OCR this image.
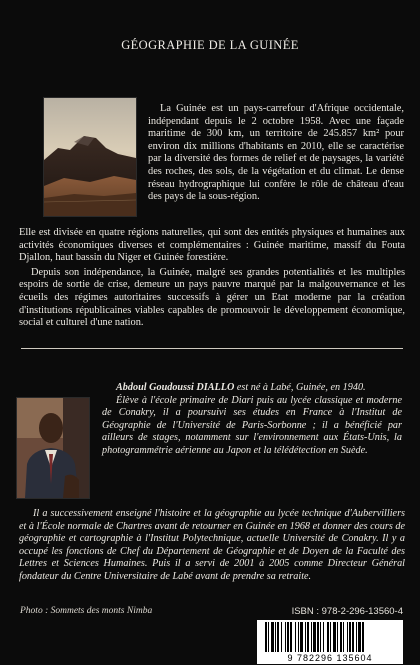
GÉOGRAPHIE DE LA GUINÉE

La Guinée est un pays-carrefour d'Afrique occidentale, indépendant depuis le 2 octobre 1958. Avec une façade maritime de 300 km, un territoire de 245.857 km² pour environ dix millions d'habitants en 2010, elle se caractérise par la diversité des formes de relief et de paysages, la variété des roches, des sols, de la végétation et du climat. Le dense réseau hydrographique lui confère le rôle de château d'eau des pays de la sous-région.

Elle est divisée en quatre régions naturelles, qui sont des entités physiques et humaines aux activités économiques diverses et complémentaires : Guinée maritime, massif du Fouta Djallon, haut bassin du Niger et Guinée forestière.

Depuis son indépendance, la Guinée, malgré ses grandes potentialités et les multiples espoirs de sortie de crise, demeure un pays pauvre marqué par la malgouvernance et les écueils des régimes autoritaires successifs à gérer un Etat moderne par la création d'institutions républicaines viables capables de promouvoir le développement économique, social et culturel d'une nation.

Abdoul Goudoussi DIALLO est né à Labé, Guinée, en 1940.

Élève à l'école primaire de Diari puis au lycée classique et moderne de Conakry, il a poursuivi ses études en France à l'Institut de Géographie de l'Université de Paris-Sorbonne ; il a bénéficié par ailleurs de stages, notamment sur l'environnement aux États-Unis, la photogrammétrie aérienne au Japon et la télédétection en Suède.

Il a successivement enseigné l'histoire et la géographie au lycée technique d'Aubervilliers et à l'École normale de Chartres avant de retourner en Guinée en 1968 et donner des cours de géographie et cartographie à l'Institut Polytechnique, actuelle Université de Conakry. Il y a occupé les fonctions de Chef du Département de Géographie et de Doyen de la Faculté des Lettres et Sciences Humaines. Puis il a servi de 2001 à 2005 comme Directeur Général fondateur du Centre Universitaire de Labé avant de prendre sa retraite.

Photo : Sommets des monts Nimba	ISBN : 978-2-296-13560-4
9 782296 135604
